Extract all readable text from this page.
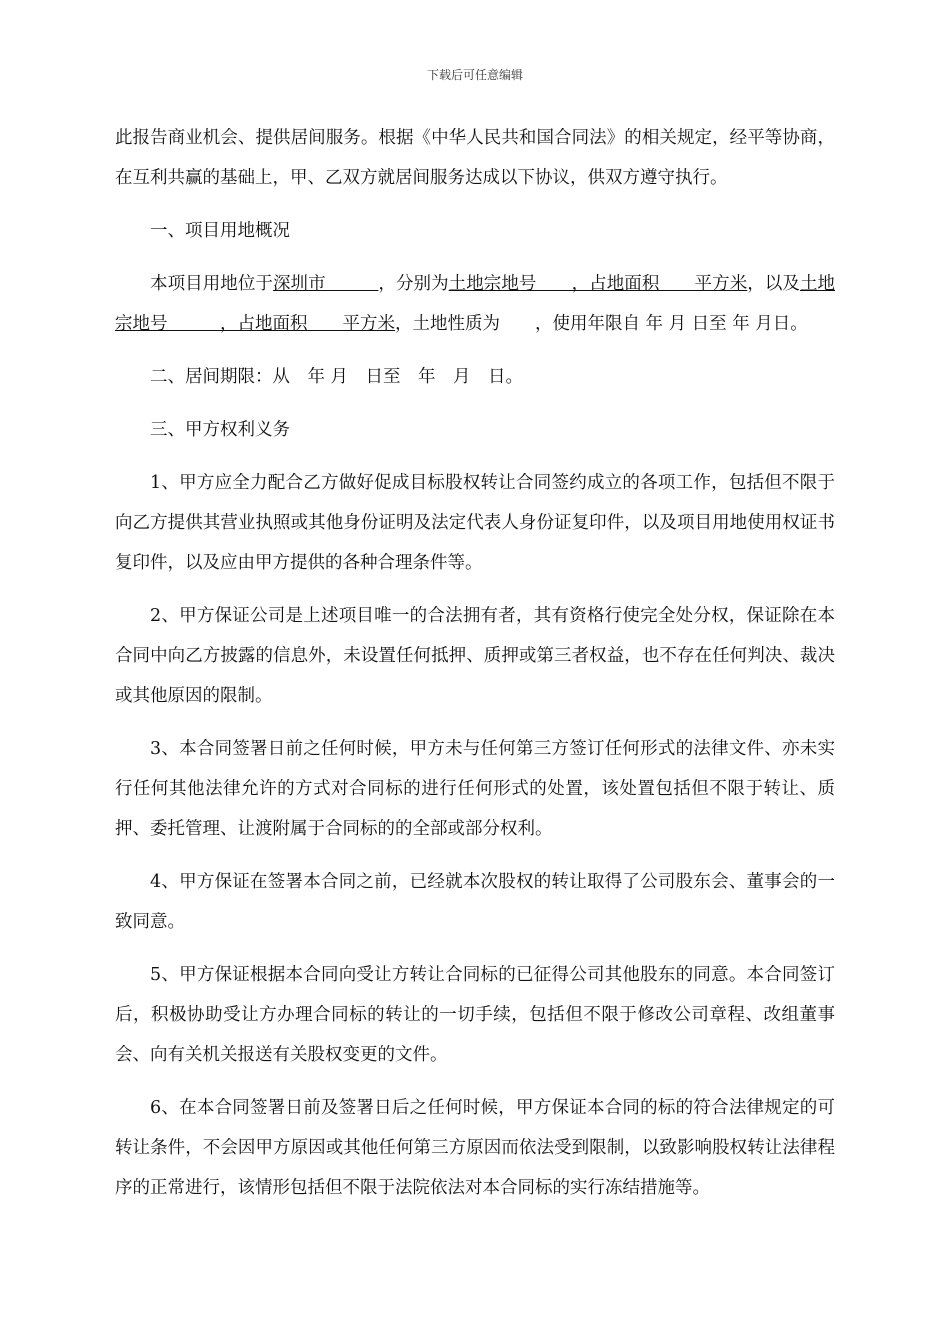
下载后可任意编辑

此报告商业机会、提供居间服务。根据《中华人民共和国合同法》的相关规定，经平等协商，在互利共赢的基础上，甲、乙双方就居间服务达成以下协议，供双方遵守执行。

一、项目用地概况

本项目用地位于深圳市　　　，分别为土地宗地号　　，占地面积　　平方米，以及土地宗地号　　　，占地面积　　平方米，土地性质为　　，使用年限自 年 月 日至 年 月日。

二、居间期限：从　年 月　日至　年　月　日。

三、甲方权利义务

1、甲方应全力配合乙方做好促成目标股权转让合同签约成立的各项工作，包括但不限于向乙方提供其营业执照或其他身份证明及法定代表人身份证复印件，以及项目用地使用权证书复印件，以及应由甲方提供的各种合理条件等。

2、甲方保证公司是上述项目唯一的合法拥有者，其有资格行使完全处分权，保证除在本合同中向乙方披露的信息外，未设置任何抵押、质押或第三者权益，也不存在任何判决、裁决或其他原因的限制。

3、本合同签署日前之任何时候，甲方未与任何第三方签订任何形式的法律文件、亦未实行任何其他法律允许的方式对合同标的进行任何形式的处置，该处置包括但不限于转让、质押、委托管理、让渡附属于合同标的的全部或部分权利。

4、甲方保证在签署本合同之前，已经就本次股权的转让取得了公司股东会、董事会的一致同意。

5、甲方保证根据本合同向受让方转让合同标的已征得公司其他股东的同意。本合同签订后，积极协助受让方办理合同标的转让的一切手续，包括但不限于修改公司章程、改组董事会、向有关机关报送有关股权变更的文件。

6、在本合同签署日前及签署日后之任何时候，甲方保证本合同的标的符合法律规定的可转让条件，不会因甲方原因或其他任何第三方原因而依法受到限制，以致影响股权转让法律程序的正常进行，该情形包括但不限于法院依法对本合同标的实行冻结措施等。
